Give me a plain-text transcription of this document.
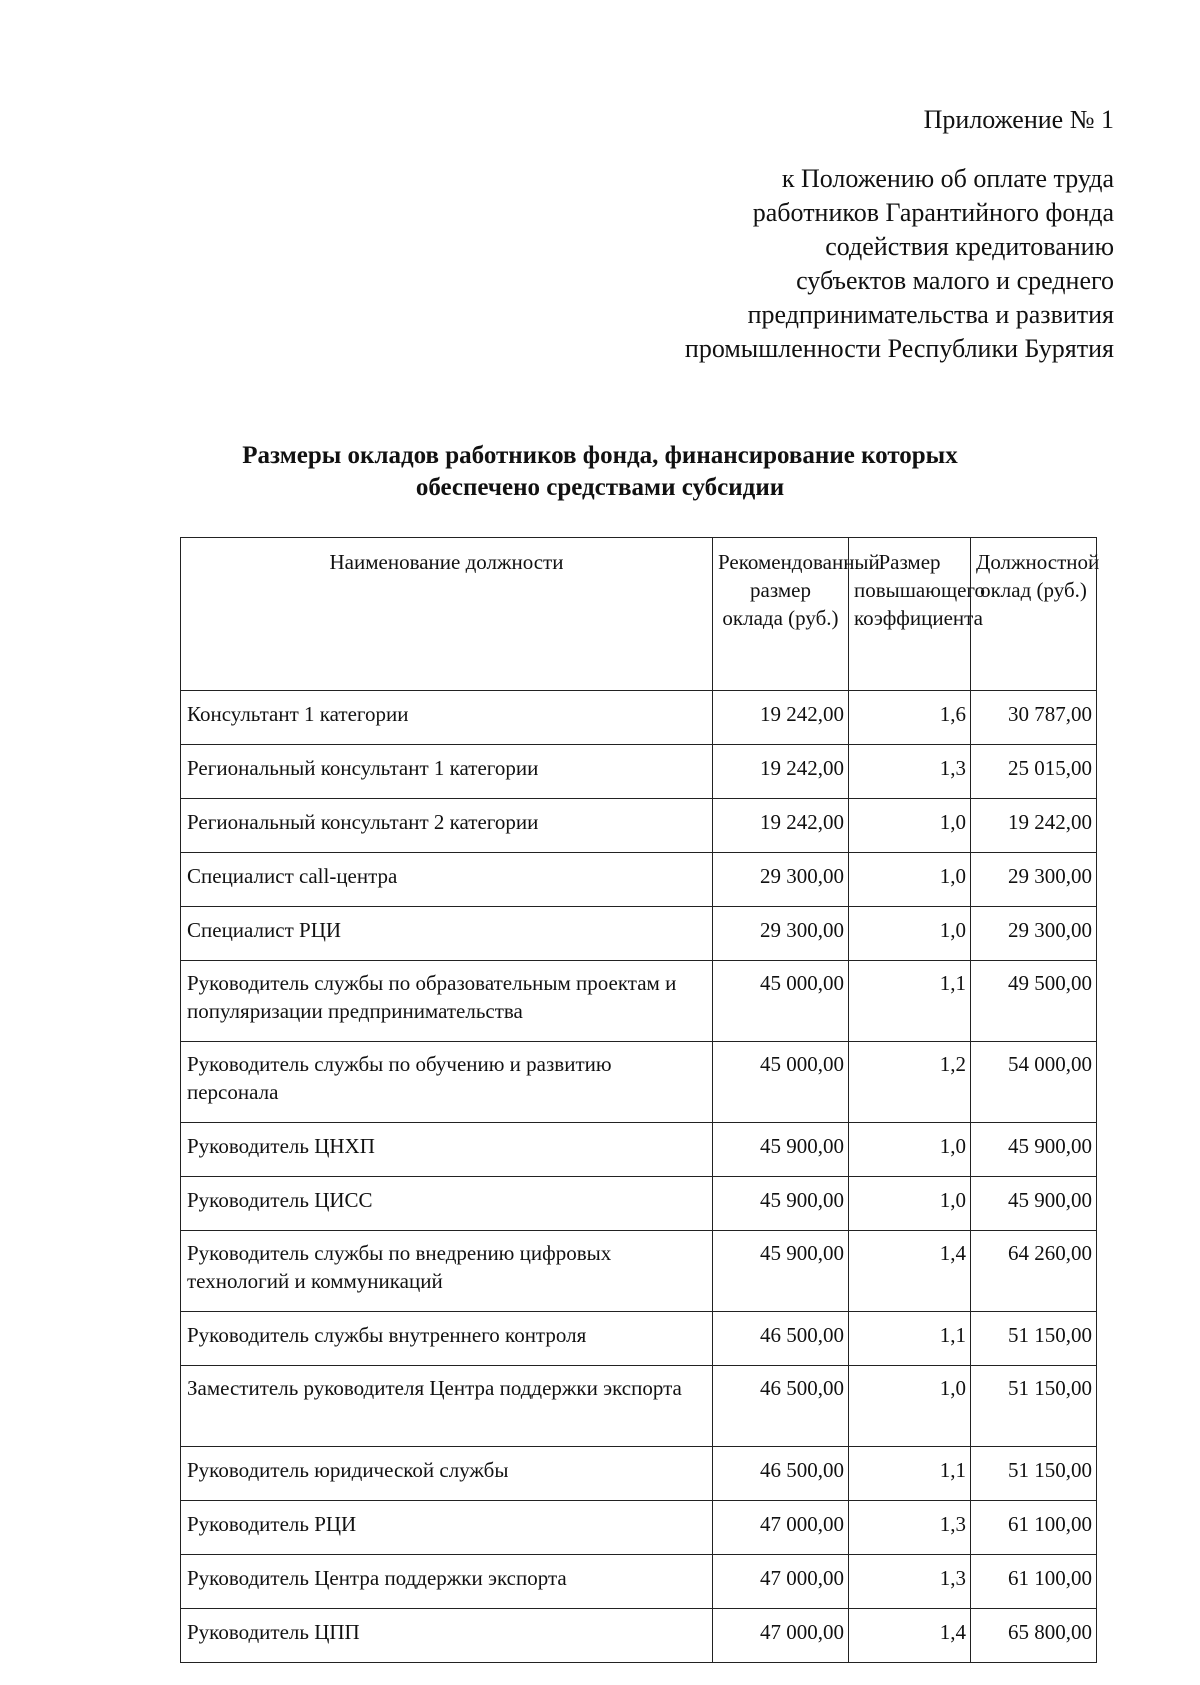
Приложение № 1
к Положению об оплате труда
работников Гарантийного фонда
содействия кредитованию
субъектов малого и среднего
предпринимательства и развития
промышленности Республики Бурятия
Размеры окладов работников фонда, финансирование которых
обеспечено средствами субсидии
Наименование должности	Рекомендованный размер оклада (руб.)	Размер повышающего коэффициента	Должностной оклад (руб.)
Консультант 1 категории	19 242,00	1,6	30 787,00
Региональный консультант 1 категории	19 242,00	1,3	25 015,00
Региональный консультант 2 категории	19 242,00	1,0	19 242,00
Специалист call-центра	29 300,00	1,0	29 300,00
Специалист РЦИ	29 300,00	1,0	29 300,00
Руководитель службы по образовательным проектам и популяризации предпринимательства	45 000,00	1,1	49 500,00
Руководитель службы по обучению и развитию персонала	45 000,00	1,2	54 000,00
Руководитель ЦНХП	45 900,00	1,0	45 900,00
Руководитель ЦИСС	45 900,00	1,0	45 900,00
Руководитель службы по внедрению цифровых технологий и коммуникаций	45 900,00	1,4	64 260,00
Руководитель службы внутреннего контроля	46 500,00	1,1	51 150,00
Заместитель руководителя Центра поддержки экспорта	46 500,00	1,0	51 150,00
Руководитель юридической службы	46 500,00	1,1	51 150,00
Руководитель РЦИ	47 000,00	1,3	61 100,00
Руководитель Центра поддержки экспорта	47 000,00	1,3	61 100,00
Руководитель ЦПП	47 000,00	1,4	65 800,00
